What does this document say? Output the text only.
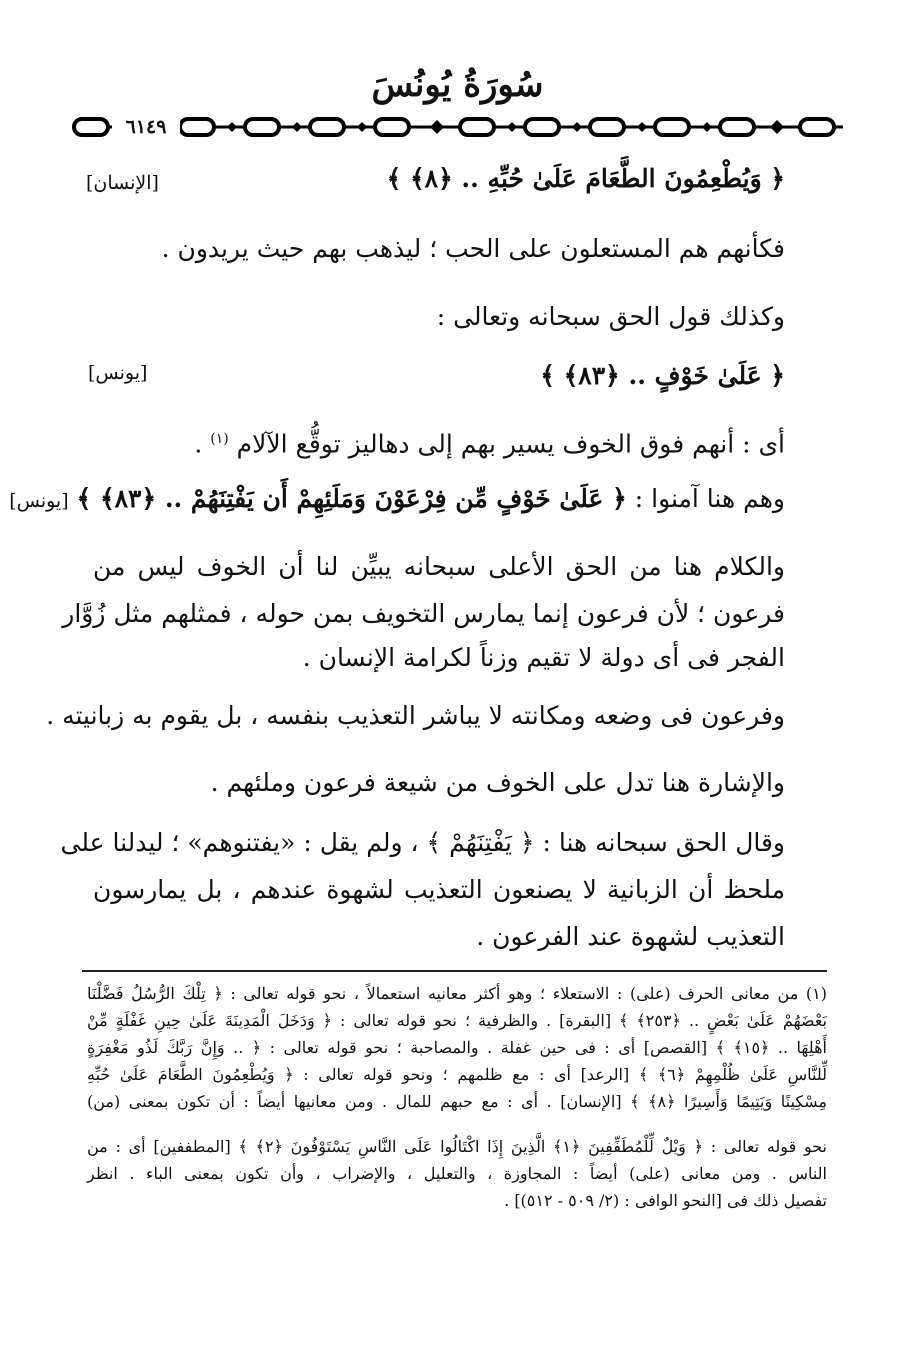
سُورَةُ يُونُسَ
٦١٤٩
﴿ وَيُطْعِمُونَ الطَّعَامَ عَلَىٰ حُبِّهِ .. ﴿٨﴾ ﴾
[الإنسان]
فكأنهم هم المستعلون على الحب ؛ ليذهب بهم حيث يريدون .
وكذلك قول الحق سبحانه وتعالى :
﴿ عَلَىٰ خَوْفٍ .. ﴿٨٣﴾ ﴾
[يونس]
أى : أنهم فوق الخوف يسير بهم إلى دهاليز توقُّع الآلام $^{(١)}$ .
وهم هنا آمنوا : ﴿ عَلَىٰ خَوْفٍ مِّن فِرْعَوْنَ وَمَلَئِهِمْ أَن يَفْتِنَهُمْ .. ﴿٨٣﴾ ﴾ [يونس]
والكلام هنا من الحق الأعلى سبحانه يبيِّن لنا أن الخوف ليس من
فرعون ؛ لأن فرعون إنما يمارس التخويف بمن حوله ، فمثلهم مثل زُوَّار
الفجر فى أى دولة لا تقيم وزناً لكرامة الإنسان .
وفرعون فى وضعه ومكانته لا يباشر التعذيب بنفسه ، بل يقوم به زبانيته .
والإشارة هنا تدل على الخوف من شيعة فرعون وملئهم .
وقال الحق سبحانه هنا : ﴿ يَفْتِنَهُمْ ﴾ ، ولم يقل : «يفتنوهم» ؛ ليدلنا على
ملحظ أن الزبانية لا يصنعون التعذيب لشهوة عندهم ، بل يمارسون
التعذيب لشهوة عند الفرعون .
(١) من معانى الحرف (على) : الاستعلاء ؛ وهو أكثر معانيه استعمالاً ، نحو قوله تعالى : ﴿ تِلْكَ الرُّسُلُ فَضَّلْنَا
بَعْضَهُمْ عَلَىٰ بَعْضٍ .. ﴿٢٥٣﴾ ﴾ [البقرة] . والظرفية ؛ نحو قوله تعالى : ﴿ وَدَخَلَ الْمَدِينَةَ عَلَىٰ حِينِ غَفْلَةٍ مِّنْ
أَهْلِهَا .. ﴿١٥﴾ ﴾ [القصص] أى : فى حين غفلة . والمصاحبة ؛ نحو قوله تعالى : ﴿ .. وَإِنَّ رَبَّكَ لَذُو مَغْفِرَةٍ
لِّلنَّاسِ عَلَىٰ ظُلْمِهِمْ ﴿٦﴾ ﴾ [الرعد] أى : مع ظلمهم ؛ ونحو قوله تعالى : ﴿ وَيُطْعِمُونَ الطَّعَامَ عَلَىٰ حُبِّهِ
مِسْكِينًا وَيَتِيمًا وَأَسِيرًا ﴿٨﴾ ﴾ [الإنسان] . أى : مع حبهم للمال . ومن معانيها أيضاً : أن تكون بمعنى (من)
نحو قوله تعالى : ﴿ وَيْلٌ لِّلْمُطَفِّفِينَ ﴿١﴾ الَّذِينَ إِذَا اكْتَالُوا عَلَى النَّاسِ يَسْتَوْفُونَ ﴿٢﴾ ﴾ [المطففين] أى : من
الناس . ومن معانى (على) أيضاً : المجاوزة ، والتعليل ، والإضراب ، وأن تكون بمعنى الباء . انظر
تفصيل ذلك فى [النحو الوافى : (٢/ ٥٠٩ - ٥١٢)] .
